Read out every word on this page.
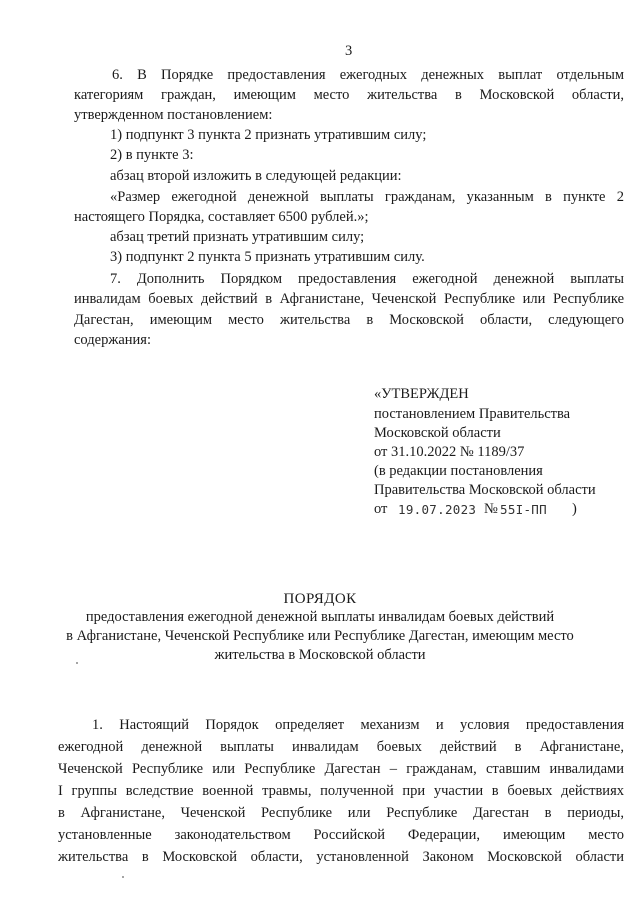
3
6. В Порядке предоставления ежегодных денежных выплат отдельным
категориям граждан, имеющим место жительства в Московской области,
утвержденном постановлением:
1) подпункт 3 пункта 2 признать утратившим силу;
2) в пункте 3:
абзац второй изложить в следующей редакции:
«Размер ежегодной денежной выплаты гражданам, указанным в пункте 2
настоящего Порядка, составляет 6500 рублей.»;
абзац третий признать утратившим силу;
3) подпункт 2 пункта 5 признать утратившим силу.
7. Дополнить Порядком предоставления ежегодной денежной выплаты
инвалидам боевых действий в Афганистане, Чеченской Республике или Республике
Дагестан, имеющим место жительства в Московской области, следующего
содержания:
«УТВЕРЖДЕН
постановлением Правительства
Московской области
от 31.10.2022 № 1189/37
(в редакции постановления
Правительства Московской области
от 19.07.2023 № 55I-ПП )
ПОРЯДОК
предоставления ежегодной денежной выплаты инвалидам боевых действий
в Афганистане, Чеченской Республике или Республике Дагестан, имеющим место
жительства в Московской области
1. Настоящий Порядок определяет механизм и условия предоставления
ежегодной денежной выплаты инвалидам боевых действий в Афганистане,
Чеченской Республике или Республике Дагестан – гражданам, ставшим инвалидами
I группы вследствие военной травмы, полученной при участии в боевых действиях
в Афганистане, Чеченской Республике или Республике Дагестан в периоды,
установленные законодательством Российской Федерации, имеющим место
жительства в Московской области, установленной Законом Московской области
